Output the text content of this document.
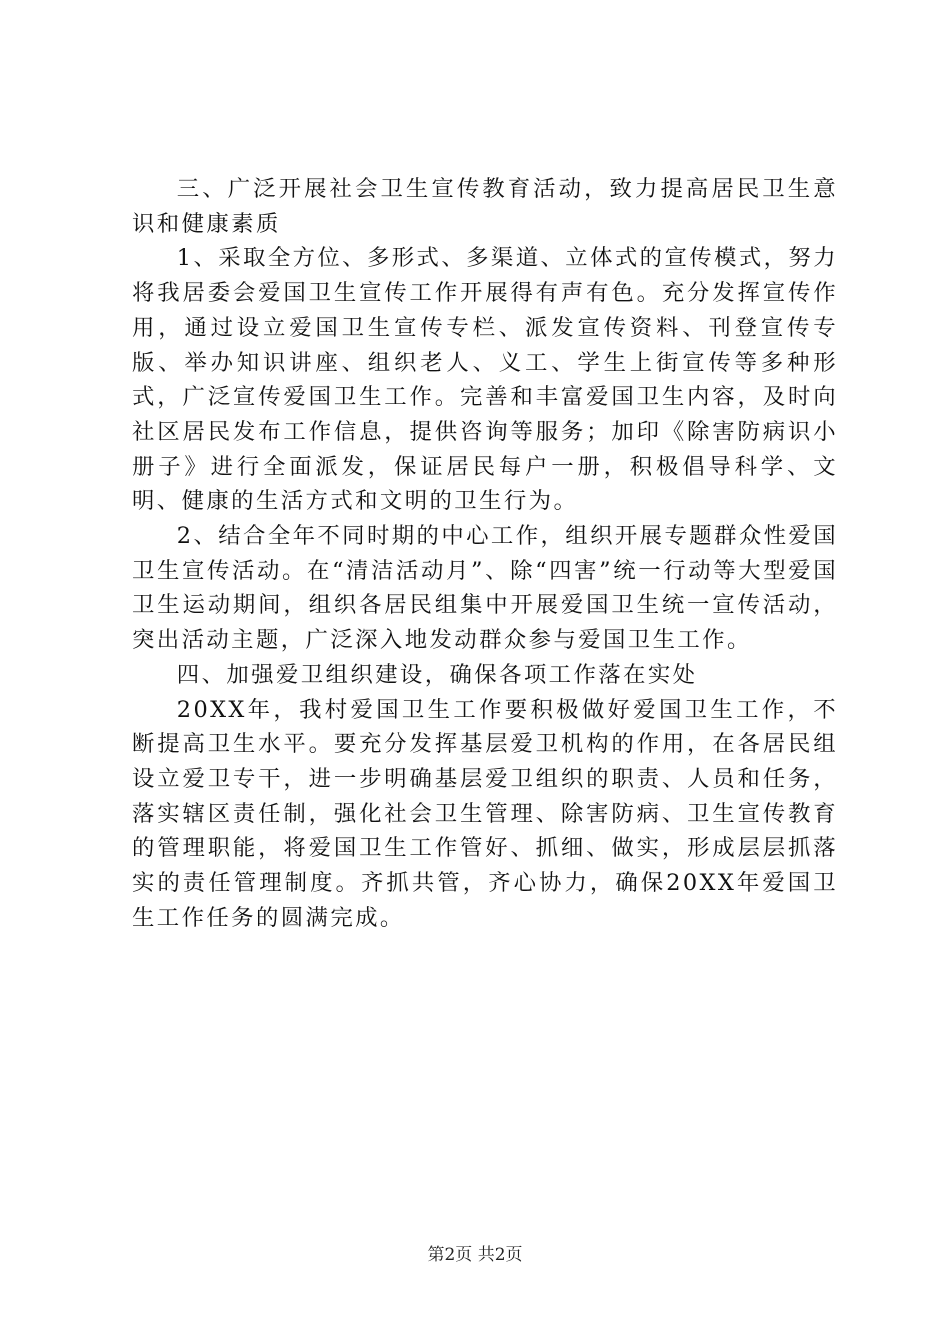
三、广泛开展社会卫生宣传教育活动，致力提高居民卫生意识和健康素质

1、采取全方位、多形式、多渠道、立体式的宣传模式，努力将我居委会爱国卫生宣传工作开展得有声有色。充分发挥宣传作用，通过设立爱国卫生宣传专栏、派发宣传资料、刊登宣传专版、举办知识讲座、组织老人、义工、学生上街宣传等多种形式，广泛宣传爱国卫生工作。完善和丰富爱国卫生内容，及时向社区居民发布工作信息，提供咨询等服务；加印《除害防病识小册子》进行全面派发，保证居民每户一册，积极倡导科学、文明、健康的生活方式和文明的卫生行为。

2、结合全年不同时期的中心工作，组织开展专题群众性爱国卫生宣传活动。在“清洁活动月”、除“四害”统一行动等大型爱国卫生运动期间，组织各居民组集中开展爱国卫生统一宣传活动，突出活动主题，广泛深入地发动群众参与爱国卫生工作。

四、加强爱卫组织建设，确保各项工作落在实处

20XX年，我村爱国卫生工作要积极做好爱国卫生工作，不断提高卫生水平。要充分发挥基层爱卫机构的作用，在各居民组设立爱卫专干，进一步明确基层爱卫组织的职责、人员和任务，落实辖区责任制，强化社会卫生管理、除害防病、卫生宣传教育的管理职能，将爱国卫生工作管好、抓细、做实，形成层层抓落实的责任管理制度。齐抓共管，齐心协力，确保20XX年爱国卫生工作任务的圆满完成。

第2页 共2页
